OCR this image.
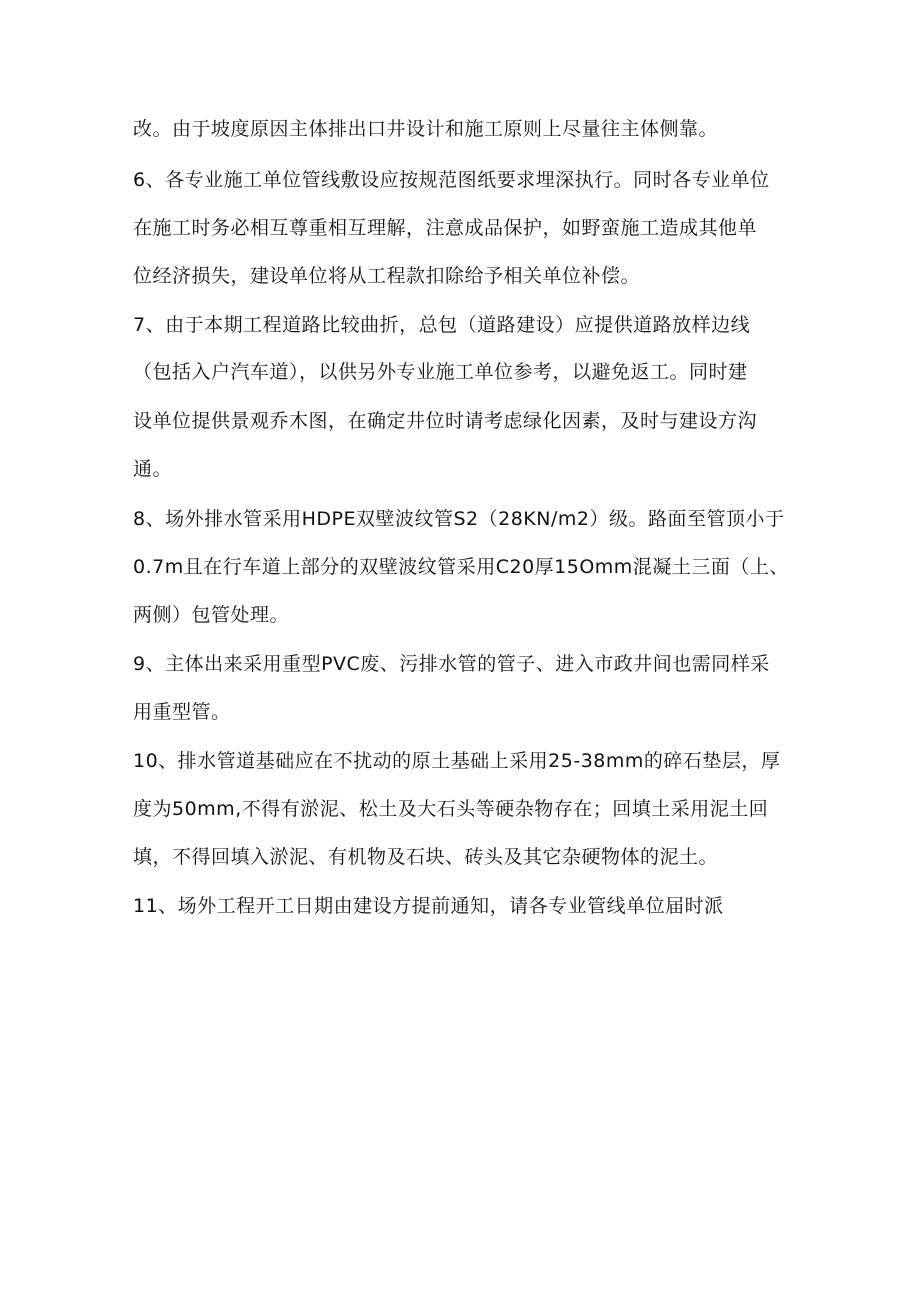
改。由于坡度原因主体排出口井设计和施工原则上尽量往主体侧靠。
6、各专业施工单位管线敷设应按规范图纸要求埋深执行。同时各专业单位
在施工时务必相互尊重相互理解，注意成品保护，如野蛮施工造成其他单
位经济损失，建设单位将从工程款扣除给予相关单位补偿。
7、由于本期工程道路比较曲折，总包（道路建设）应提供道路放样边线
（包括入户汽车道），以供另外专业施工单位参考，以避免返工。同时建
设单位提供景观乔木图，在确定井位时请考虑绿化因素，及时与建设方沟
通。
8、场外排水管采用HDPE双壁波纹管S2（28KN∕m2）级。路面至管顶小于
0.7m且在行车道上部分的双壁波纹管采用C20厚15Omm混凝土三面（上、
两侧）包管处理。
9、主体出来采用重型PVC废、污排水管的管子、进入市政井间也需同样采
用重型管。
10、排水管道基础应在不扰动的原土基础上采用25-38mm的碎石垫层，厚
度为50mm,不得有淤泥、松土及大石头等硬杂物存在；回填土采用泥土回
填，不得回填入淤泥、有机物及石块、砖头及其它杂硬物体的泥土。
11、场外工程开工日期由建设方提前通知，请各专业管线单位届时派
